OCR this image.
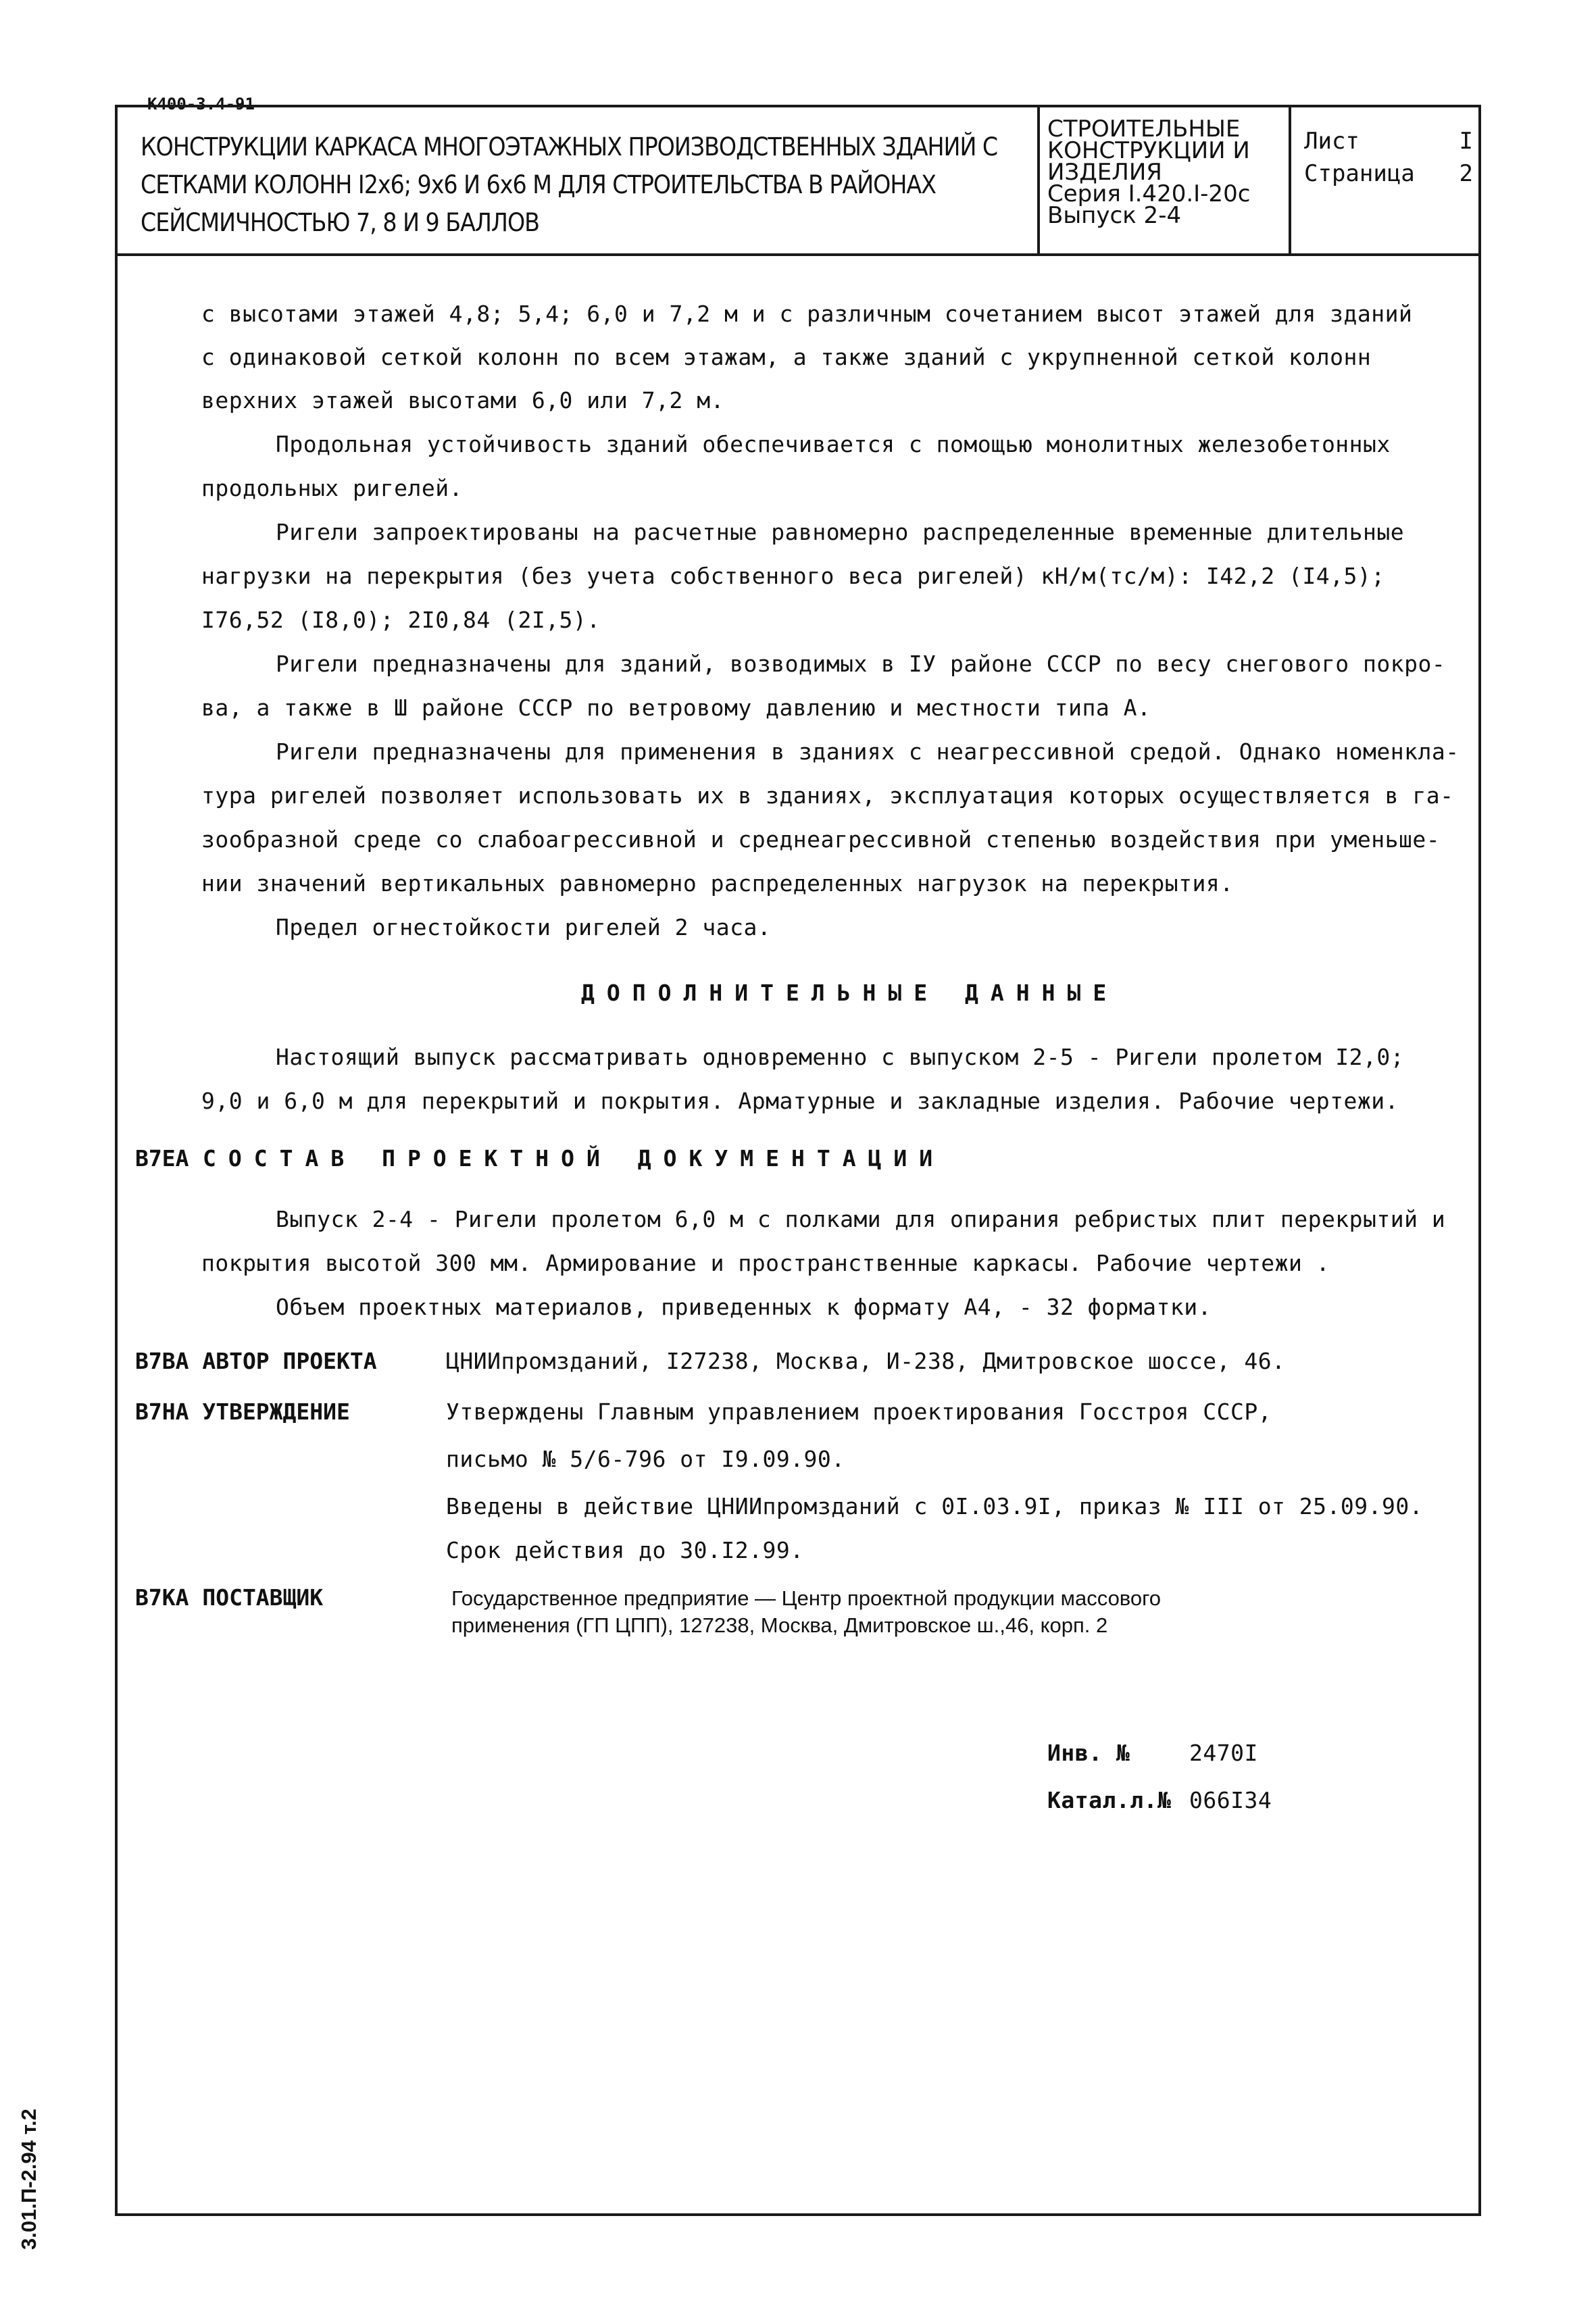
К400-3.4-91
3.01.П-2.94 т.2
КОНСТРУКЦИИ КАРКАСА МНОГОЭТАЖНЫХ ПРОИЗВОДСТВЕННЫХ ЗДАНИЙ С
СЕТКАМИ КОЛОНН I2х6; 9х6 И 6х6 М ДЛЯ СТРОИТЕЛЬСТВА В РАЙОНАХ
СЕЙСМИЧНОСТЬЮ 7, 8 И 9 БАЛЛОВ
СТРОИТЕЛЬНЫЕ
КОНСТРУКЦИИ И
ИЗДЕЛИЯ
Серия I.420.I-20с
Выпуск 2-4
Лист	I
Страница 2
с высотами этажей 4,8; 5,4; 6,0 и 7,2 м и с различным сочетанием высот этажей для зданий
с одинаковой сеткой колонн по всем этажам, а также зданий с укрупненной сеткой колонн
верхних этажей высотами 6,0 или 7,2 м.
Продольная устойчивость зданий обеспечивается с помощью монолитных железобетонных
продольных ригелей.
Ригели запроектированы на расчетные равномерно распределенные временные длительные
нагрузки на перекрытия (без учета собственного веса ригелей) кН/м(тс/м): I42,2 (I4,5);
I76,52 (I8,0); 2I0,84 (2I,5).
Ригели предназначены для зданий, возводимых в IУ районе СССР по весу снегового покро-
ва, а также в Ш районе СССР по ветровому давлению и местности типа А.
Ригели предназначены для применения в зданиях с неагрессивной средой. Однако номенкла-
тура ригелей позволяет использовать их в зданиях, эксплуатация которых осуществляется в га-
зообразной среде со слабоагрессивной и среднеагрессивной степенью воздействия при уменьше-
нии значений вертикальных равномерно распределенных нагрузок на перекрытия.
Предел огнестойкости ригелей 2 часа.
ДОПОЛНИТЕЛЬНЫЕ ДАННЫЕ
Настоящий выпуск расcматривать одновременно с выпуском 2-5 - Ригели пролетом I2,0;
9,0 и 6,0 м для перекрытий и покрытия. Арматурные и закладные изделия. Рабочие чертежи.
В7ЕА СОСТАВ ПРОЕКТНОЙ ДОКУМЕНТАЦИИ
Выпуск 2-4 - Ригели пролетом 6,0 м с полками для опирания ребристых плит перекрытий и
покрытия высотой 300 мм. Армирование и пространственные каркасы. Рабочие чертежи .
Объем проектных материалов, приведенных к формату А4, - 32 форматки.
В7ВА АВТОР ПРОЕКТА	ЦНИИпромзданий, I27238, Москва, И-238, Дмитровское шоссе, 46.
В7НА УТВЕРЖДЕНИЕ	Утверждены Главным управлением проектирования Госстроя СССР,
письмо № 5/6-796 от I9.09.90.
Введены в действие ЦНИИпромзданий с 0I.03.9I, приказ № III от 25.09.90.
Срок действия до 30.I2.99.
В7КА ПОСТАВЩИК	Государственное предприятие — Центр проектной продукции массового
применения (ГП ЦПП), 127238, Москва, Дмитровское ш.,46, корп. 2
Инв. №	2470I
Катал.л.№ 066I34
